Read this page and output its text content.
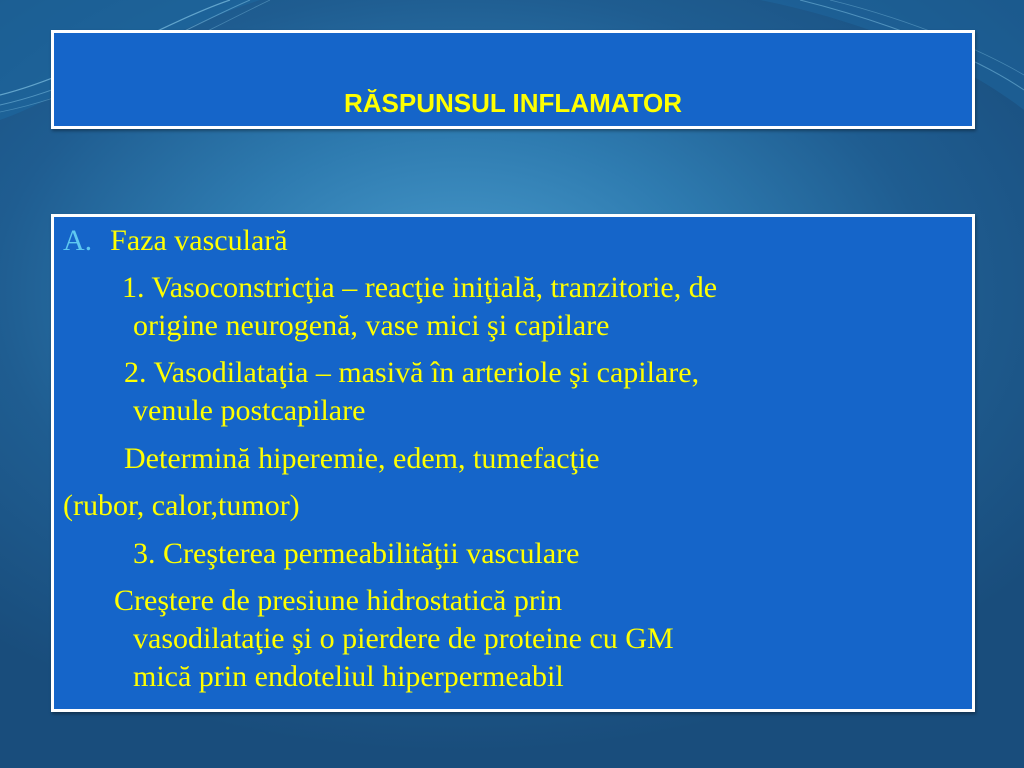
RĂSPUNSUL INFLAMATOR
A. Faza vasculară
1. Vasoconstricţia – reacţie iniţială, tranzitorie, de
origine neurogenă, vase mici şi capilare
2. Vasodilataţia – masivă în arteriole şi capilare,
venule postcapilare
Determină hiperemie, edem, tumefacţie
(rubor, calor,tumor)
3. Creşterea permeabilităţii vasculare
Creştere de presiune hidrostatică prin
vasodilataţie şi o pierdere de proteine cu GM
mică prin endoteliul hiperpermeabil
